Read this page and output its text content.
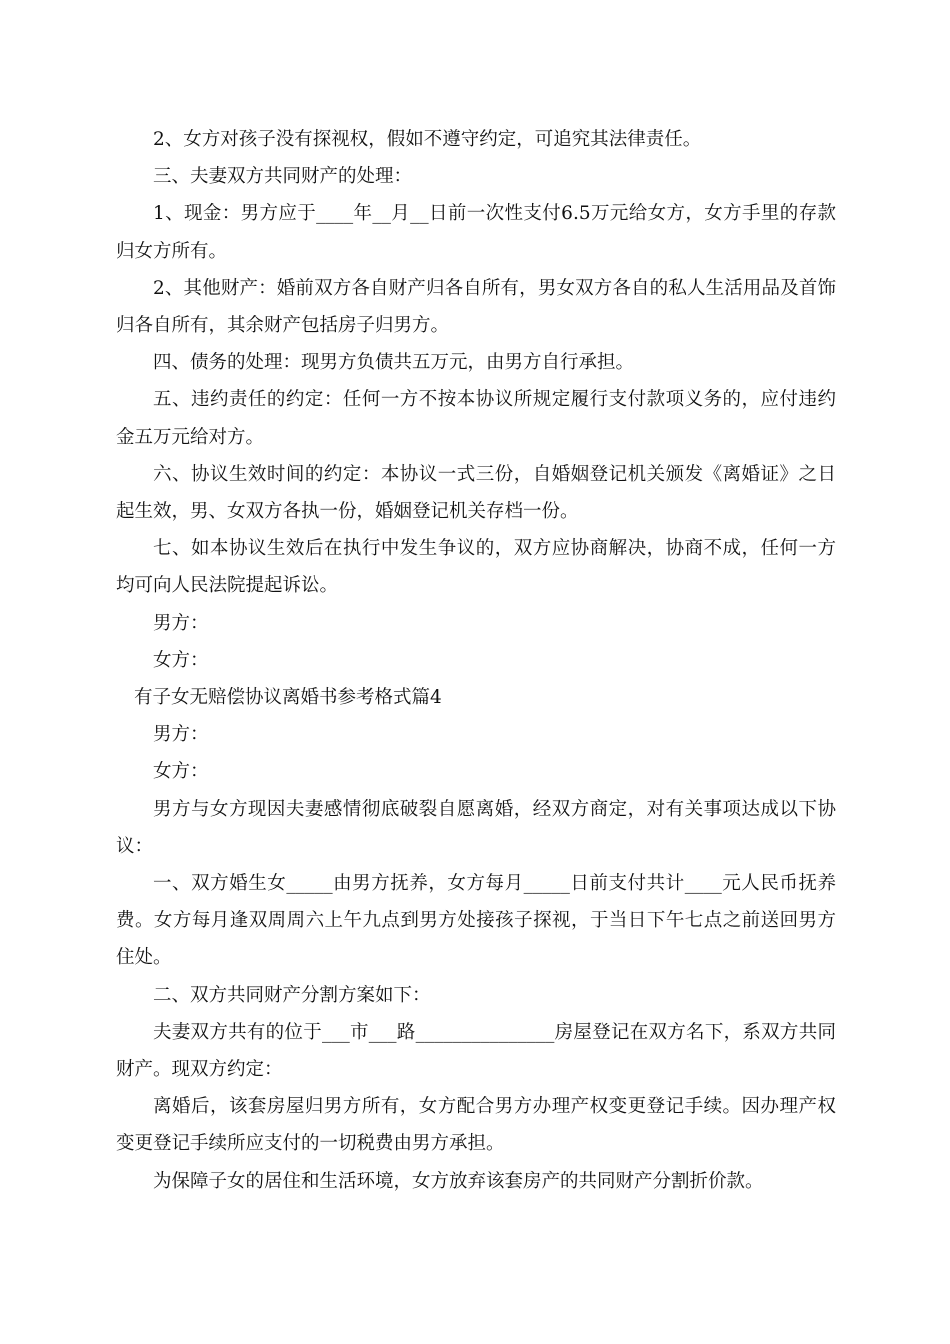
2、女方对孩子没有探视权，假如不遵守约定，可追究其法律责任。

三、夫妻双方共同财产的处理：

1、现金：男方应于____年__月__日前一次性支付6.5万元给女方，女方手里的存款归女方所有。

2、其他财产：婚前双方各自财产归各自所有，男女双方各自的私人生活用品及首饰归各自所有，其余财产包括房子归男方。

四、债务的处理：现男方负债共五万元，由男方自行承担。

五、违约责任的约定：任何一方不按本协议所规定履行支付款项义务的，应付违约金五万元给对方。

六、协议生效时间的约定：本协议一式三份，自婚姻登记机关颁发《离婚证》之日起生效，男、女双方各执一份，婚姻登记机关存档一份。

七、如本协议生效后在执行中发生争议的，双方应协商解决，协商不成，任何一方均可向人民法院提起诉讼。

男方：

女方：

有子女无赔偿协议离婚书参考格式篇4

男方：

女方：

男方与女方现因夫妻感情彻底破裂自愿离婚，经双方商定，对有关事项达成以下协议：

一、双方婚生女_____由男方抚养，女方每月_____日前支付共计____元人民币抚养费。女方每月逢双周周六上午九点到男方处接孩子探视，于当日下午七点之前送回男方住处。

二、双方共同财产分割方案如下：

夫妻双方共有的位于___市___路_______________房屋登记在双方名下，系双方共同财产。现双方约定：

离婚后，该套房屋归男方所有，女方配合男方办理产权变更登记手续。因办理产权变更登记手续所应支付的一切税费由男方承担。

为保障子女的居住和生活环境，女方放弃该套房产的共同财产分割折价款。
